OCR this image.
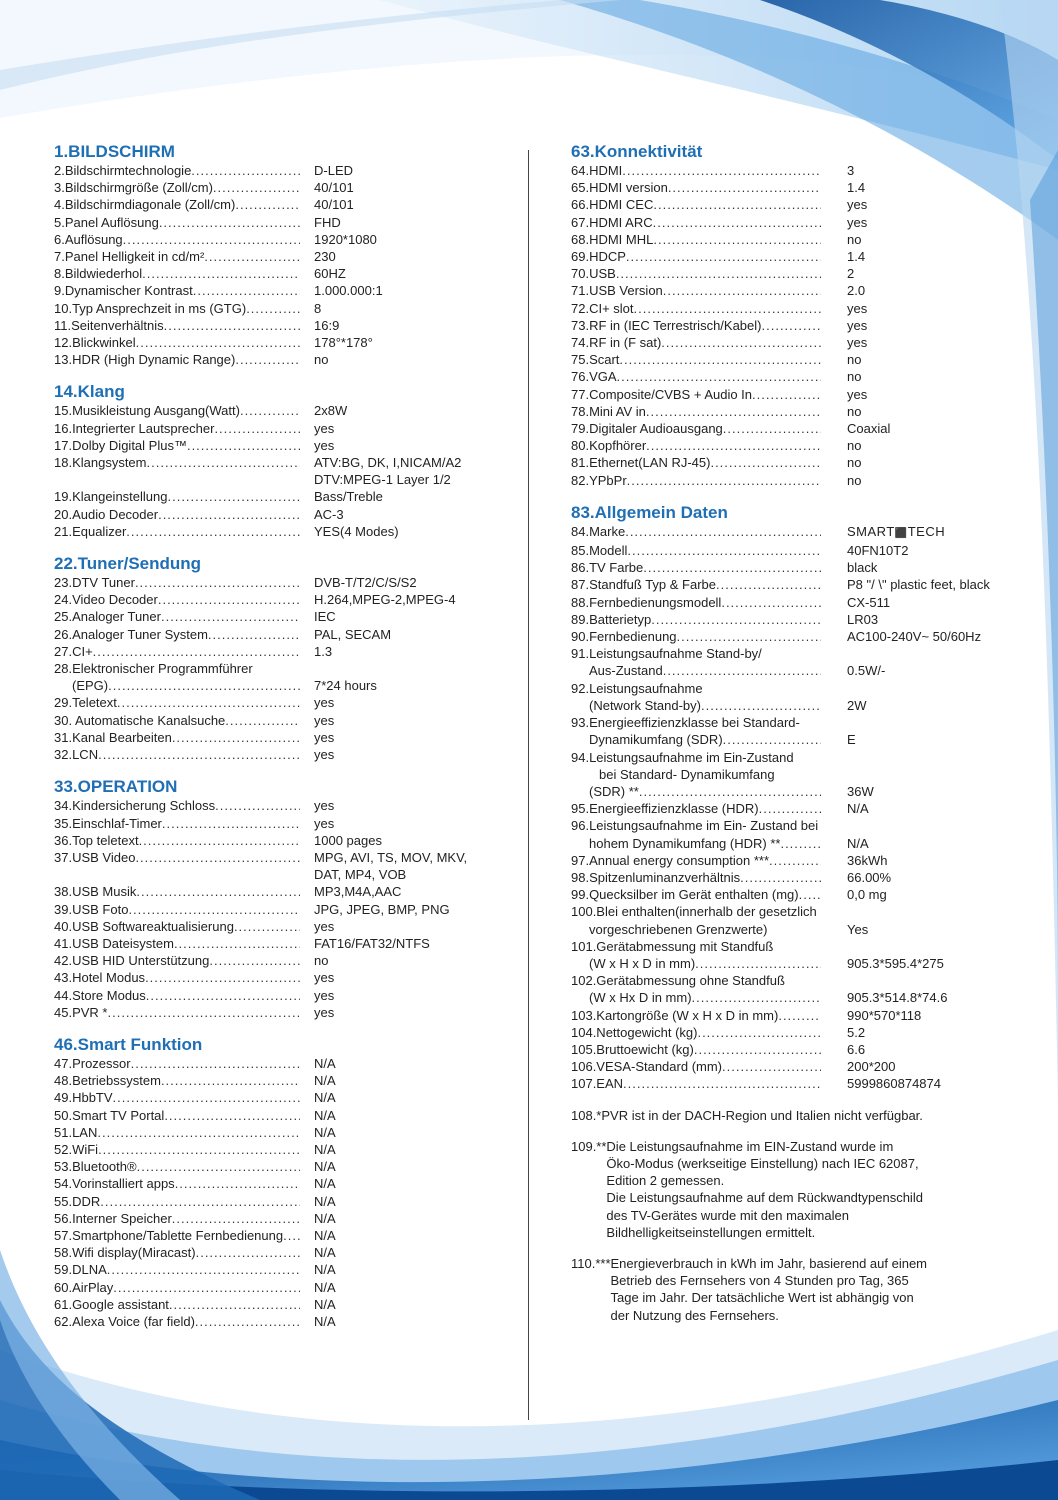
1.BILDSCHIRM
2.Bildschirmtechnologie .....	D-LED
3.Bildschirmgröße (Zoll/cm) .....	40/101
4.Bildschirmdiagonale (Zoll/cm) .....	40/101
5.Panel Auflösung .....	FHD
6.Auflösung .....	1920*1080
7.Panel Helligkeit in cd/m² .....	230
8.Bildwiederhol .....	60HZ
9.Dynamischer Kontrast .....	1.000.000:1
10.Typ Ansprechzeit in ms (GTG) .....	8
11.Seitenverhältnis .....	16:9
12.Blickwinkel .....	178°*178°
13.HDR (High Dynamic Range) .....	no
14.Klang
15.Musikleistung Ausgang(Watt) .....	2x8W
16.Integrierter Lautsprecher .....	yes
17.Dolby Digital Plus™ .....	yes
18.Klangsystem .....	ATV:BG, DK, I,NICAM/A2
DTV:MPEG-1 Layer 1/2
19.Klangeinstellung .....	Bass/Treble
20.Audio Decoder .....	AC-3
21.Equalizer .....	YES(4 Modes)
22.Tuner/Sendung
23.DTV Tuner .....	DVB-T/T2/C/S/S2
24.Video Decoder .....	H.264,MPEG-2,MPEG-4
25.Analoger Tuner .....	IEC
26.Analoger Tuner System .....	PAL, SECAM
27.CI+ .....	1.3
28.Elektronischer Programmführer
(EPG) .....	7*24 hours
29.Teletext .....	yes
30. Automatische Kanalsuche .....	yes
31.Kanal Bearbeiten .....	yes
32.LCN .....	yes
33.OPERATION
34.Kindersicherung Schloss .....	yes
35.Einschlaf-Timer .....	yes
36.Top teletext .....	1000 pages
37.USB Video .....	MPG, AVI, TS, MOV, MKV,
DAT, MP4, VOB
38.USB Musik .....	MP3,M4A,AAC
39.USB Foto .....	JPG, JPEG, BMP, PNG
40.USB Softwareaktualisierung .....	yes
41.USB Dateisystem .....	FAT16/FAT32/NTFS
42.USB HID Unterstützung .....	no
43.Hotel Modus .....	yes
44.Store Modus .....	yes
45.PVR * .....	yes
46.Smart Funktion
47.Prozessor .....	N/A
48.Betriebssystem .....	N/A
49.HbbTV .....	N/A
50.Smart TV Portal .....	N/A
51.LAN .....	N/A
52.WiFi .....	N/A
53.Bluetooth® .....	N/A
54.Vorinstalliert apps .....	N/A
55.DDR .....	N/A
56.Interner Speicher .....	N/A
57.Smartphone/Tablette Fernbedienung ..... N/A
58.Wifi display(Miracast) .....	N/A
59.DLNA .....	N/A
60.AirPlay .....	N/A
61.Google assistant .....	N/A
62.Alexa Voice (far field) .....	N/A
63.Konnektivität
64.HDMI .....	3
65.HDMI version .....	1.4
66.HDMI CEC .....	yes
67.HDMI ARC .....	yes
68.HDMI MHL .....	no
69.HDCP .....	1.4
70.USB .....	2
71.USB Version .....	2.0
72.CI+ slot .....	yes
73.RF in (IEC Terrestrisch/Kabel) .....	yes
74.RF in (F sat) .....	yes
75.Scart .....	no
76.VGA .....	no
77.Composite/CVBS + Audio In .....	yes
78.Mini AV in .....	no
79.Digitaler Audioausgang .....	Coaxial
80.Kopfhörer .....	no
81.Ethernet(LAN RJ-45) .....	no
82.YPbPr .....	no
83.Allgemein Daten
84.Marke .....	SMART⬛TECH
85.Modell .....	40FN10T2
86.TV Farbe .....	black
87.Standfuß Typ & Farbe .....	P8 "/ \" plastic feet, black
88.Fernbedienungsmodell .....	CX-511
89.Batterietyp .....	LR03
90.Fernbedienung .....	AC100-240V~ 50/60Hz
91.Leistungsaufnahme Stand-by/
Aus-Zustand .....	0.5W/-
92.Leistungsaufnahme
(Network Stand-by) .....	2W
93.Energieeffizienzklasse bei Standard-
Dynamikumfang (SDR) .....	E
94.Leistungsaufnahme im Ein-Zustand
bei Standard- Dynamikumfang
(SDR) ** .....	36W
95.Energieeffizienzklasse (HDR) .....	N/A
96.Leistungsaufnahme im Ein- Zustand bei
hohem Dynamikumfang (HDR) ** .....	N/A
97.Annual energy consumption *** .....	36kWh
98.Spitzenluminanzverhältnis .....	66.00%
99.Quecksilber im Gerät enthalten (mg) .....	0,0 mg
100.Blei enthalten(innerhalb der gesetzlich
vorgeschriebenen Grenzwerte)	Yes
101.Gerätabmessung mit Standfuß
(W x H x D in mm) .....	905.3*595.4*275
102.Gerätabmessung ohne Standfuß
(W x Hx D in mm) .....	905.3*514.8*74.6
103.Kartongröße (W x H x D in mm) .....	990*570*118
104.Nettogewicht (kg) .....	5.2
105.Bruttoewicht (kg) .....	6.6
106.VESA-Standard (mm) .....	200*200
107.EAN .....	5999860874874
108.*PVR ist in der DACH-Region und Italien nicht verfügbar.
109.** Die Leistungsaufnahme im EIN-Zustand wurde im
Öko-Modus (werkseitige Einstellung) nach IEC 62087,
Edition 2 gemessen.
Die Leistungsaufnahme auf dem Rückwandtypenschild
des TV-Gerätes wurde mit den maximalen
Bildhelligkeitseinstellungen ermittelt.
110.*** Energieverbrauch in kWh im Jahr, basierend auf einem
Betrieb des Fernsehers von 4 Stunden pro Tag, 365
Tage im Jahr. Der tatsächliche Wert ist abhängig von
der Nutzung des Fernsehers.
